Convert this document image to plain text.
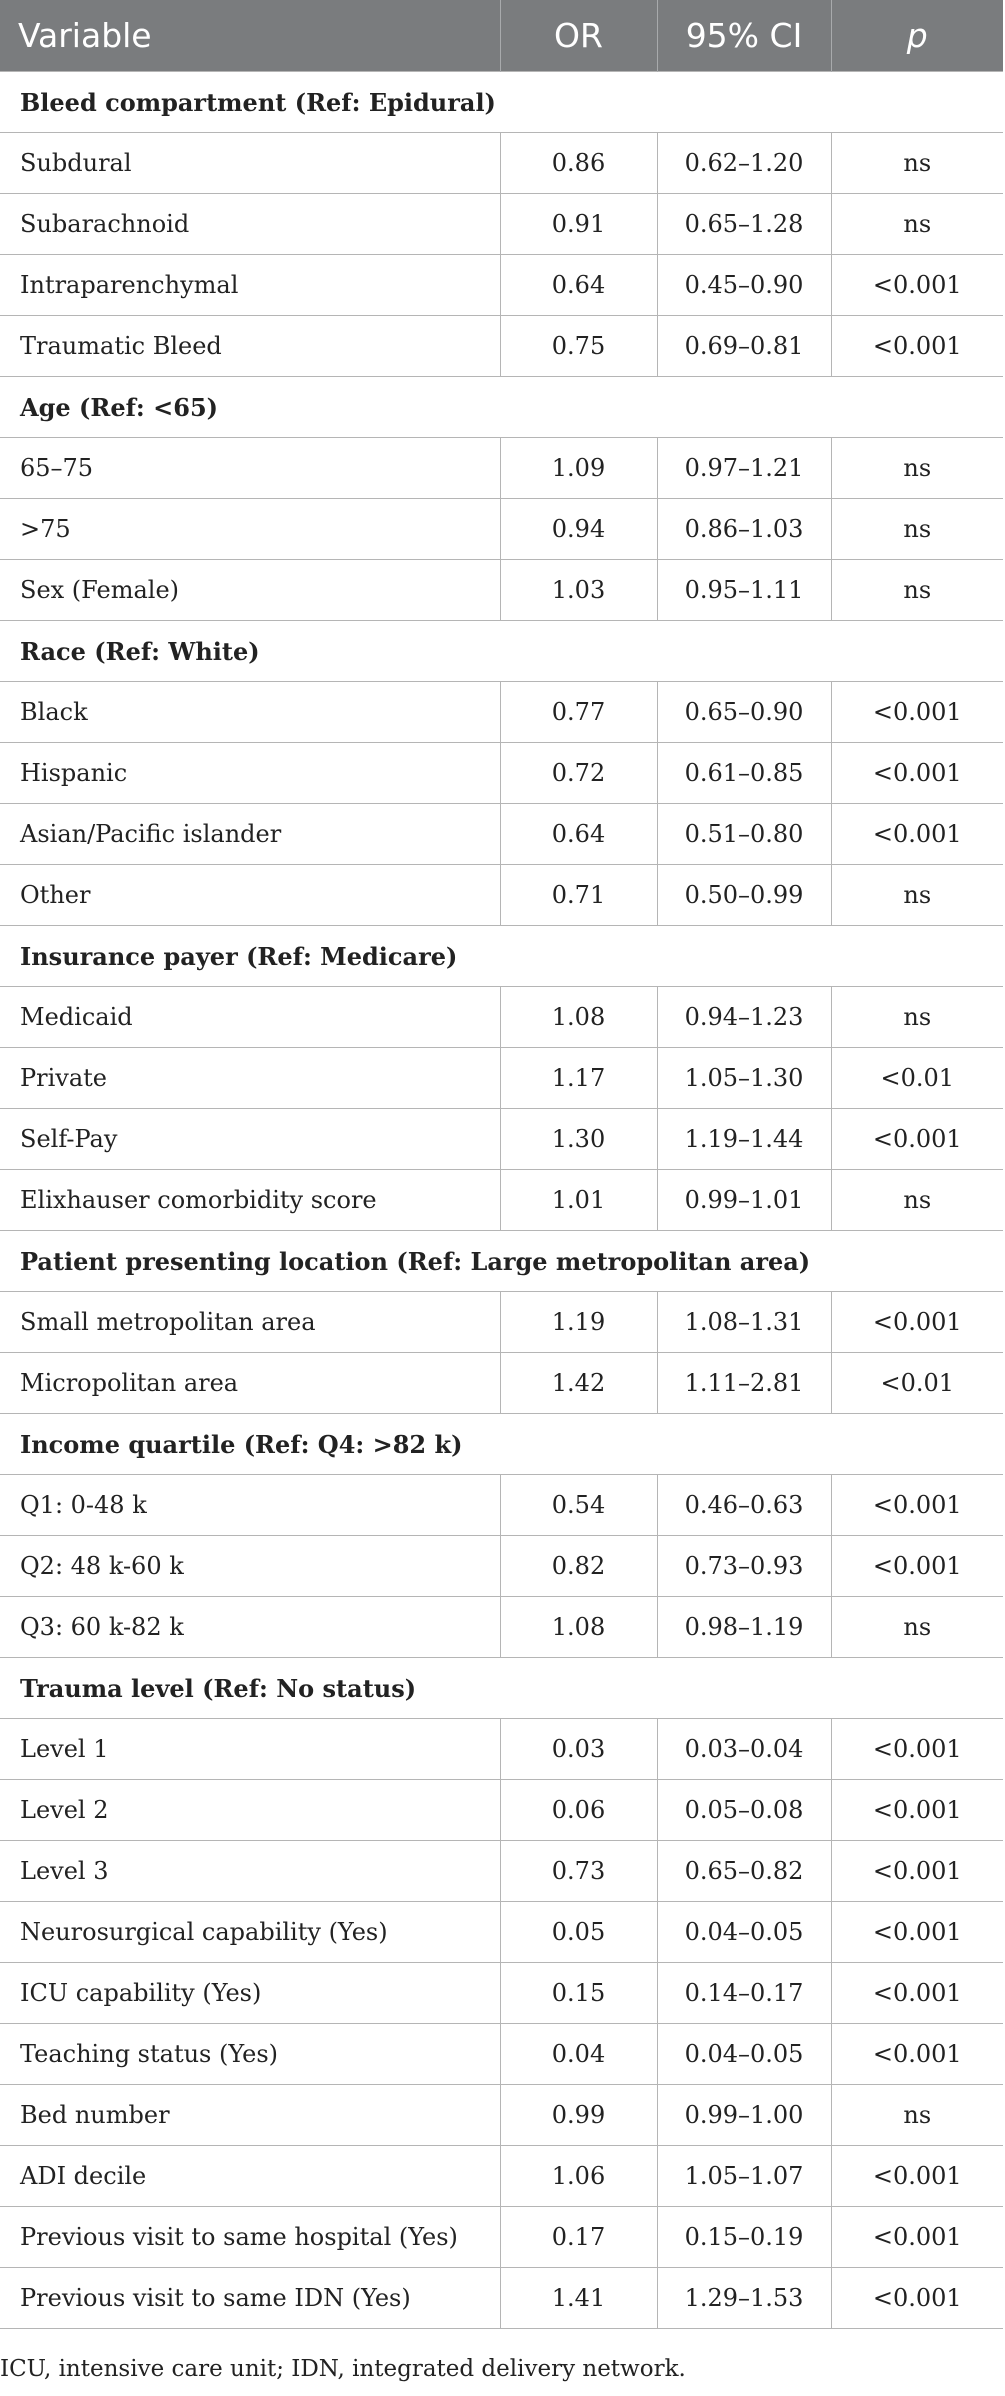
Variable	OR	95% CI	p
Bleed compartment (Ref: Epidural)			
Subdural	0.86	0.62–1.20	ns
Subarachnoid	0.91	0.65–1.28	ns
Intraparenchymal	0.64	0.45–0.90	<0.001
Traumatic Bleed	0.75	0.69–0.81	<0.001
Age (Ref: <65)			
65–75	1.09	0.97–1.21	ns
>75	0.94	0.86–1.03	ns
Sex (Female)	1.03	0.95–1.11	ns
Race (Ref: White)			
Black	0.77	0.65–0.90	<0.001
Hispanic	0.72	0.61–0.85	<0.001
Asian/Pacific islander	0.64	0.51–0.80	<0.001
Other	0.71	0.50–0.99	ns
Insurance payer (Ref: Medicare)			
Medicaid	1.08	0.94–1.23	ns
Private	1.17	1.05–1.30	<0.01
Self-Pay	1.30	1.19–1.44	<0.001
Elixhauser comorbidity score	1.01	0.99–1.01	ns
Patient presenting location (Ref: Large metropolitan area)			
Small metropolitan area	1.19	1.08–1.31	<0.001
Micropolitan area	1.42	1.11–2.81	<0.01
Income quartile (Ref: Q4: >82 k)			
Q1: 0-48 k	0.54	0.46–0.63	<0.001
Q2: 48 k-60 k	0.82	0.73–0.93	<0.001
Q3: 60 k-82 k	1.08	0.98–1.19	ns
Trauma level (Ref: No status)			
Level 1	0.03	0.03–0.04	<0.001
Level 2	0.06	0.05–0.08	<0.001
Level 3	0.73	0.65–0.82	<0.001
Neurosurgical capability (Yes)	0.05	0.04–0.05	<0.001
ICU capability (Yes)	0.15	0.14–0.17	<0.001
Teaching status (Yes)	0.04	0.04–0.05	<0.001
Bed number	0.99	0.99–1.00	ns
ADI decile	1.06	1.05–1.07	<0.001
Previous visit to same hospital (Yes)	0.17	0.15–0.19	<0.001
Previous visit to same IDN (Yes)	1.41	1.29–1.53	<0.001
ICU, intensive care unit; IDN, integrated delivery network.
